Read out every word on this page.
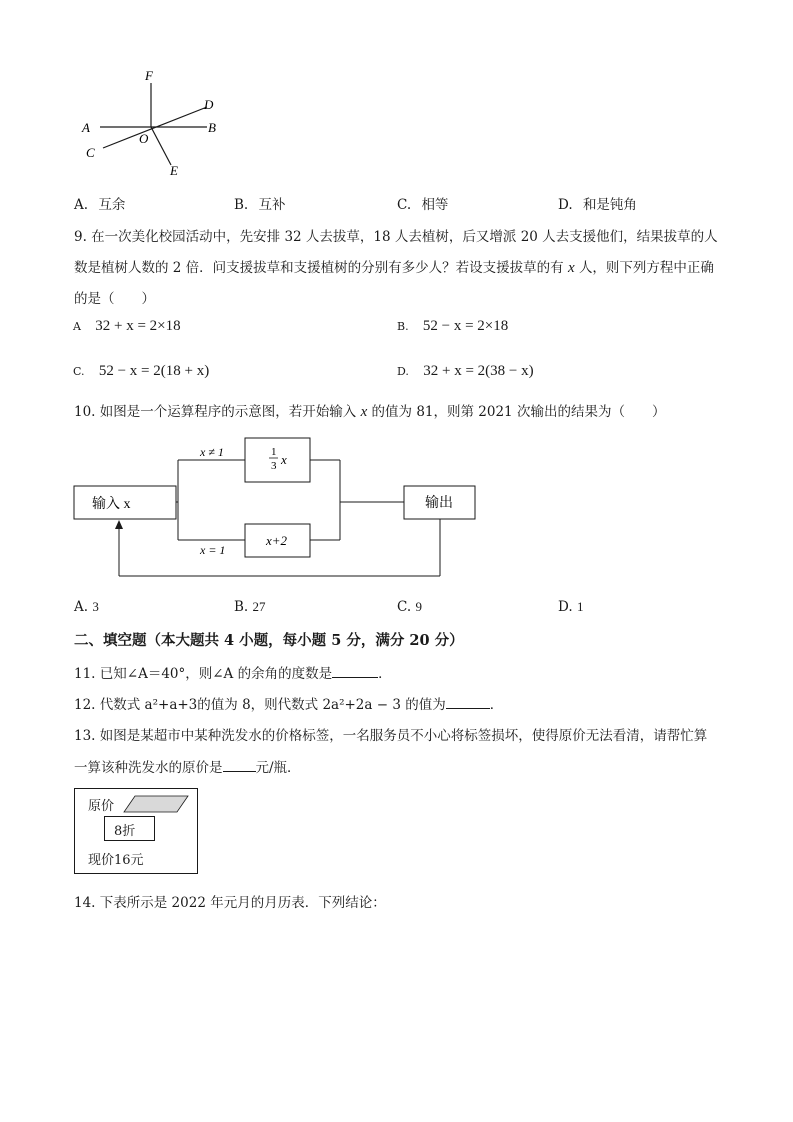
F
D
A	B
O
C
E
A. 互余	B. 互补	C. 相等	D. 和是钝角
9. 在一次美化校园活动中，先安排 32 人去拔草，18 人去植树，后又增派 20 人去支援他们，结果拔草的人
数是植树人数的 2 倍．问支援拔草和支援植树的分别有多少人？若设支援拔草的有 x 人，则下列方程中正确
的是（　　）
A 32 + x = 2×18	B. 52 − x = 2×18
C. 52 − x = 2(18 + x)	D. 32 + x = 2(38 − x)
10. 如图是一个运算程序的示意图，若开始输入 x 的值为 81，则第 2021 次输出的结果为（　　）
输入 x
x ≠ 1
x = 1
1
3 x
x+2
输出
A. 3	B. 27	C. 9	D. 1
二、填空题（本大题共 4 小题，每小题 5 分，满分 20 分）
11. 已知∠A＝40°，则∠A 的余角的度数是	．
12. 代数式 a²+a+3的值为 8，则代数式 2a²+2a − 3 的值为	．
13. 如图是某超市中某种洗发水的价格标签，一名服务员不小心将标签损坏，使得原价无法看清，请帮忙算
一算该种洗发水的原价是 元/瓶．
原价
8折
现价16元
14. 下表所示是 2022 年元月的月历表．下列结论：
